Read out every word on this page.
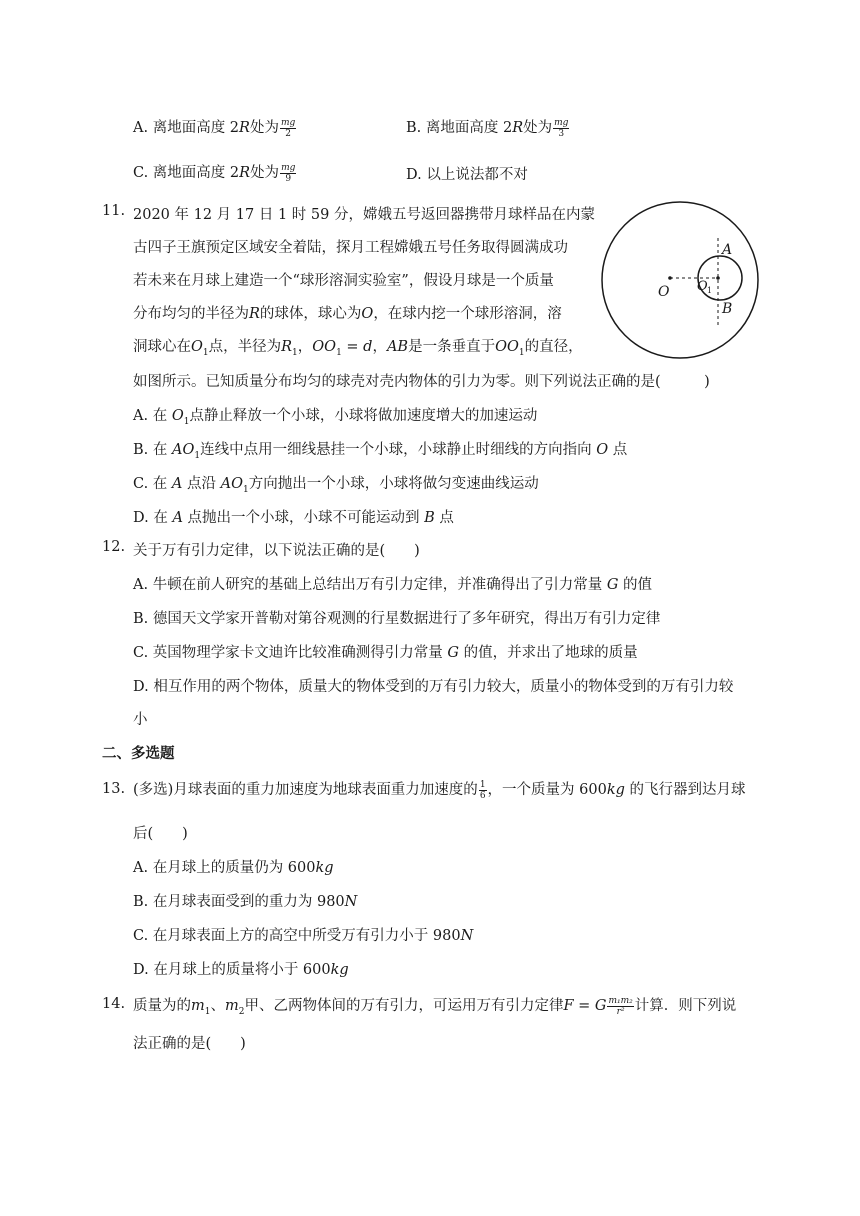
A. 离地面高度 2R处为 $\frac{mg}{2}$	B. 离地面高度 2R处为 $\frac{mg}{3}$
C. 离地面高度 2R处为 $\frac{mg}{9}$	D. 以上说法都不对
11. 2020 年 12 月 17 日 1 时 59 分，嫦娥五号返回器携带月球样品在内蒙
古四子王旗预定区域安全着陆，探月工程嫦娥五号任务取得圆满成功
若未来在月球上建造一个“球形溶洞实验室”，假设月球是一个质量
分布均匀的半径为R的球体，球心为O，在球内挖一个球形溶洞，溶
洞球心在$O_1$点，半径为$R_1$，$OO_1 = d$，AB是一条垂直于$OO_1$的直径，
如图所示。已知质量分布均匀的球壳对壳内物体的引力为零。则下列说法正确的是(　　　)
A. 在 $O_1$点静止释放一个小球，小球将做加速度增大的加速运动
B. 在 $AO_1$连线中点用一细线悬挂一个小球，小球静止时细线的方向指向 O 点
C. 在 A 点沿 $AO_1$方向抛出一个小球，小球将做匀变速曲线运动
D. 在 A 点抛出一个小球，小球不可能运动到 B 点
O O 1
A
B
12. 关于万有引力定律，以下说法正确的是(　　)
A. 牛顿在前人研究的基础上总结出万有引力定律，并准确得出了引力常量 G 的值
B. 德国天文学家开普勒对第谷观测的行星数据进行了多年研究，得出万有引力定律
C. 英国物理学家卡文迪许比较准确测得引力常量 G 的值，并求出了地球的质量
D. 相互作用的两个物体，质量大的物体受到的万有引力较大，质量小的物体受到的万有引力较
小
二、多选题
13. (多选)月球表面的重力加速度为地球表面重力加速度的 $\frac{1}{6}$ ，一个质量为 600kg 的飞行器到达月球
后(　　)
A. 在月球上的质量仍为 600kg
B. 在月球表面受到的重力为 980N
C. 在月球表面上方的高空中所受万有引力小于 980N
D. 在月球上的质量将小于 600kg
14. 质量为的$m_1$、$m_2$甲、乙两物体间的万有引力，可运用万有引力定律F = G $\frac{\text{m₁m₂}}{\text{r²}}$ 计算．则下列说
法正确的是(　　)
